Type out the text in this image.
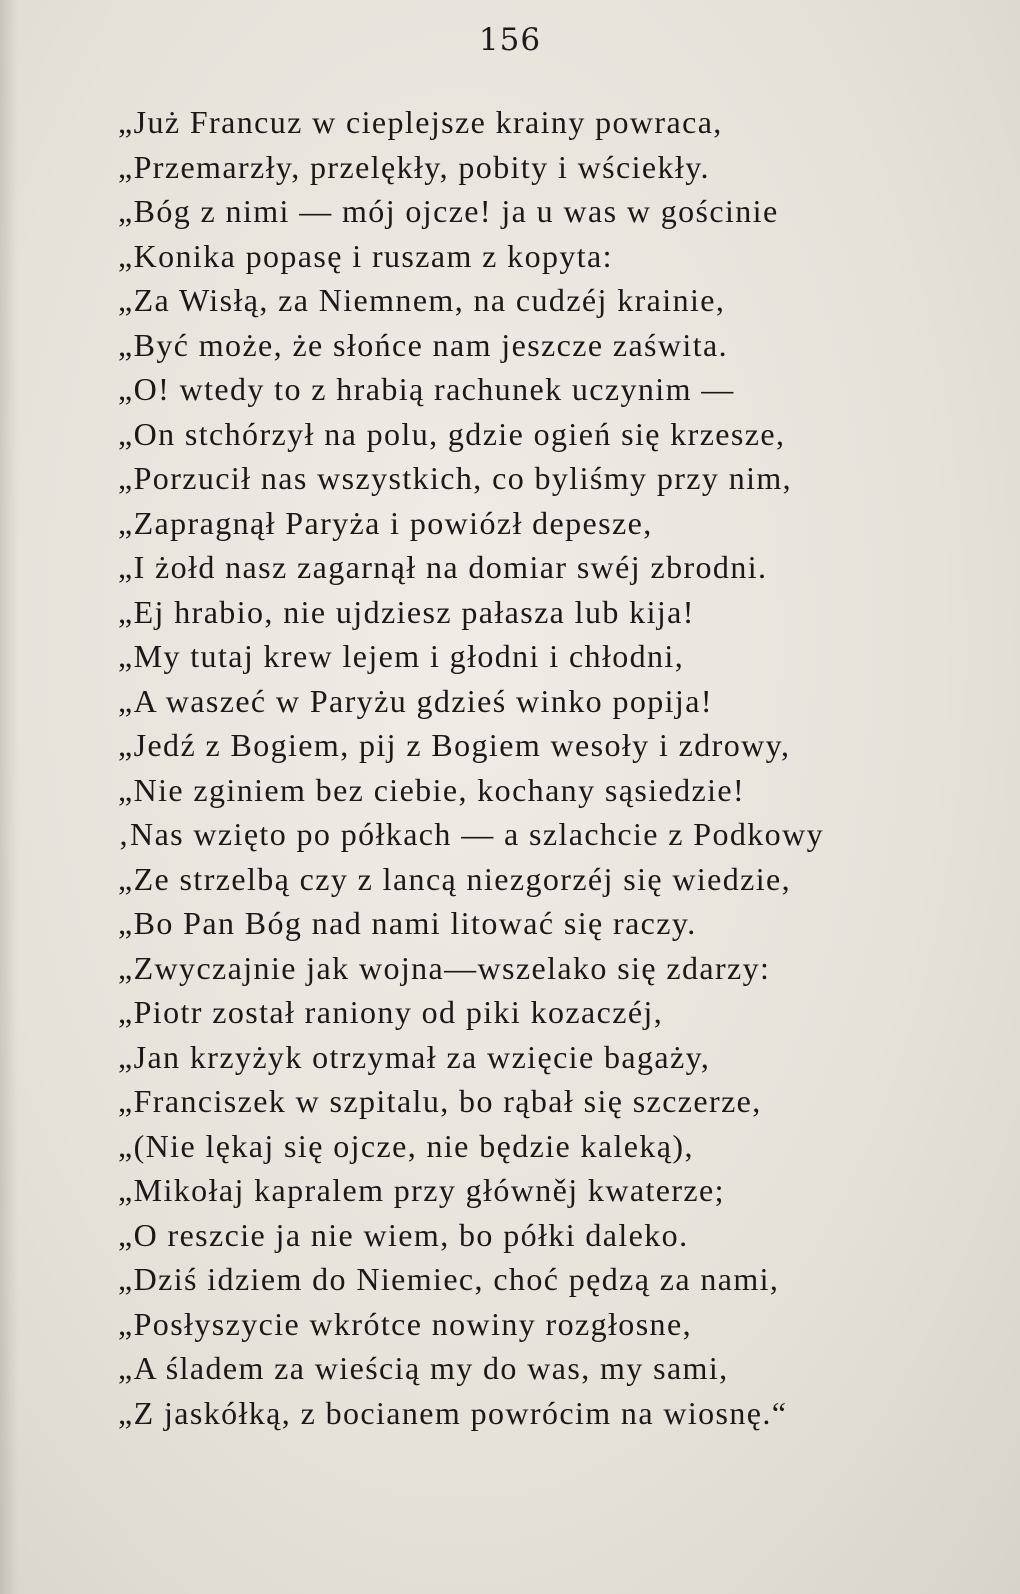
156
„Już Francuz w cieplejsze krainy powraca,
„Przemarzły, przelękły, pobity i wściekły.
„Bóg z nimi — mój ojcze! ja u was w gościnie
„Konika popasę i ruszam z kopyta:
„Za Wisłą, za Niemnem, na cudzéj krainie,
„Być może, że słońce nam jeszcze zaświta.
„O! wtedy to z hrabią rachunek uczynim —
„On stchórzył na polu, gdzie ogień się krzesze,
„Porzucił nas wszystkich, co byliśmy przy nim,
„Zapragnął Paryża i powiózł depesze,
„I żołd nasz zagarnął na domiar swéj zbrodni.
„Ej hrabio, nie ujdziesz pałasza lub kija!
„My tutaj krew lejem i głodni i chłodni,
„A waszeć w Paryżu gdzieś winko popija!
„Jedź z Bogiem, pij z Bogiem wesoły i zdrowy,
„Nie zginiem bez ciebie, kochany sąsiedzie!
‚Nas wzięto po półkach — a szlachcie z Podkowy
„Ze strzelbą czy z lancą niezgorzéj się wiedzie,
„Bo Pan Bóg nad nami litować się raczy.
„Zwyczajnie jak wojna—wszelako się zdarzy:
„Piotr został raniony od piki kozaczéj,
„Jan krzyżyk otrzymał za wzięcie bagaży,
„Franciszek w szpitalu, bo rąbał się szczerze,
„(Nie lękaj się ojcze, nie będzie kaleką),
„Mikołaj kapralem przy główněj kwaterze;
„O reszcie ja nie wiem, bo półki daleko.
„Dziś idziem do Niemiec, choć pędzą za nami,
„Posłyszycie wkrótce nowiny rozgłosne,
„A śladem za wieścią my do was, my sami,
„Z jaskółką, z bocianem powrócim na wiosnę.“
